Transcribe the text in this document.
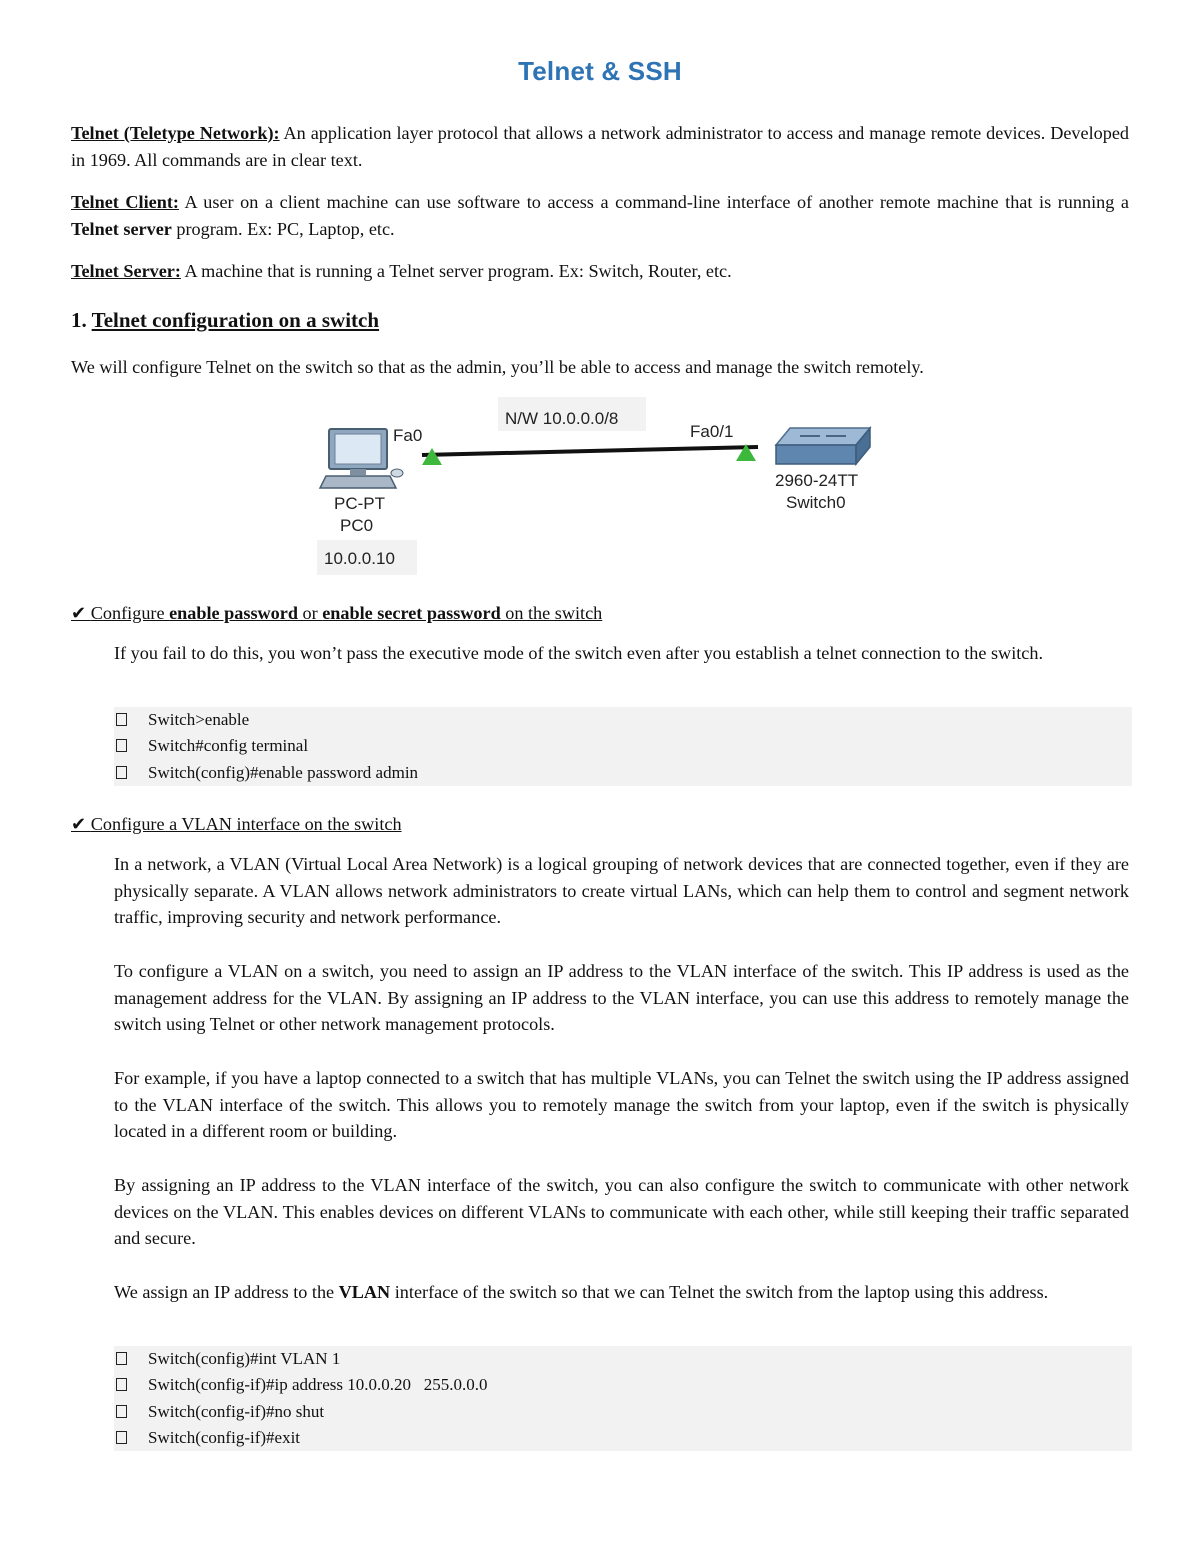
Telnet & SSH

Telnet (Teletype Network): An application layer protocol that allows a network administrator to access and manage remote devices. Developed in 1969. All commands are in clear text.

Telnet Client: A user on a client machine can use software to access a command-line interface of another remote machine that is running a Telnet server program. Ex: PC, Laptop, etc.

Telnet Server: A machine that is running a Telnet server program. Ex: Switch, Router, etc.

1. Telnet configuration on a switch

We will configure Telnet on the switch so that as the admin, you’ll be able to access and manage the switch remotely.

N/W 10.0.0.0/8
Fa0	Fa0/1
PC-PT
PC0
10.0.0.10
2960-24TT
Switch0
✔ Configure enable password or enable secret password on the switch

If you fail to do this, you won’t pass the executive mode of the switch even after you establish a telnet connection to the switch.

Switch>enable
Switch#config terminal
Switch(config)#enable password admin
✔ Configure a VLAN interface on the switch

In a network, a VLAN (Virtual Local Area Network) is a logical grouping of network devices that are connected together, even if they are physically separate. A VLAN allows network administrators to create virtual LANs, which can help them to control and segment network traffic, improving security and network performance.

To configure a VLAN on a switch, you need to assign an IP address to the VLAN interface of the switch. This IP address is used as the management address for the VLAN. By assigning an IP address to the VLAN interface, you can use this address to remotely manage the switch using Telnet or other network management protocols.

For example, if you have a laptop connected to a switch that has multiple VLANs, you can Telnet the switch using the IP address assigned to the VLAN interface of the switch. This allows you to remotely manage the switch from your laptop, even if the switch is physically located in a different room or building.

By assigning an IP address to the VLAN interface of the switch, you can also configure the switch to communicate with other network devices on the VLAN. This enables devices on different VLANs to communicate with each other, while still keeping their traffic separated and secure.

We assign an IP address to the VLAN interface of the switch so that we can Telnet the switch from the laptop using this address.

Switch(config)#int VLAN 1
Switch(config-if)#ip address 10.0.0.20   255.0.0.0
Switch(config-if)#no shut
Switch(config-if)#exit
